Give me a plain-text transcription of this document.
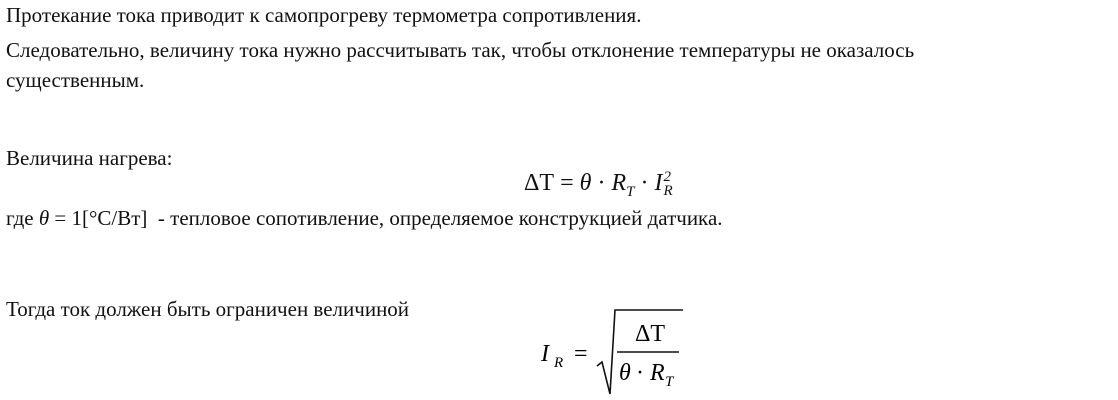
Протекание тока приводит к самопрогреву термометра сопротивления.
Следовательно, величину тока нужно рассчитывать так, чтобы отклонение температуры не оказалось
существенным.
Величина нагрева:
$\Delta T = \theta \cdot R_T \cdot I$ 2
R
где θ = 1[°C/Вт] - тепловое сопотивление, определяемое конструкцией датчика.
Тогда ток должен быть ограничен величиной
I R =
ΔT
θ · R T
